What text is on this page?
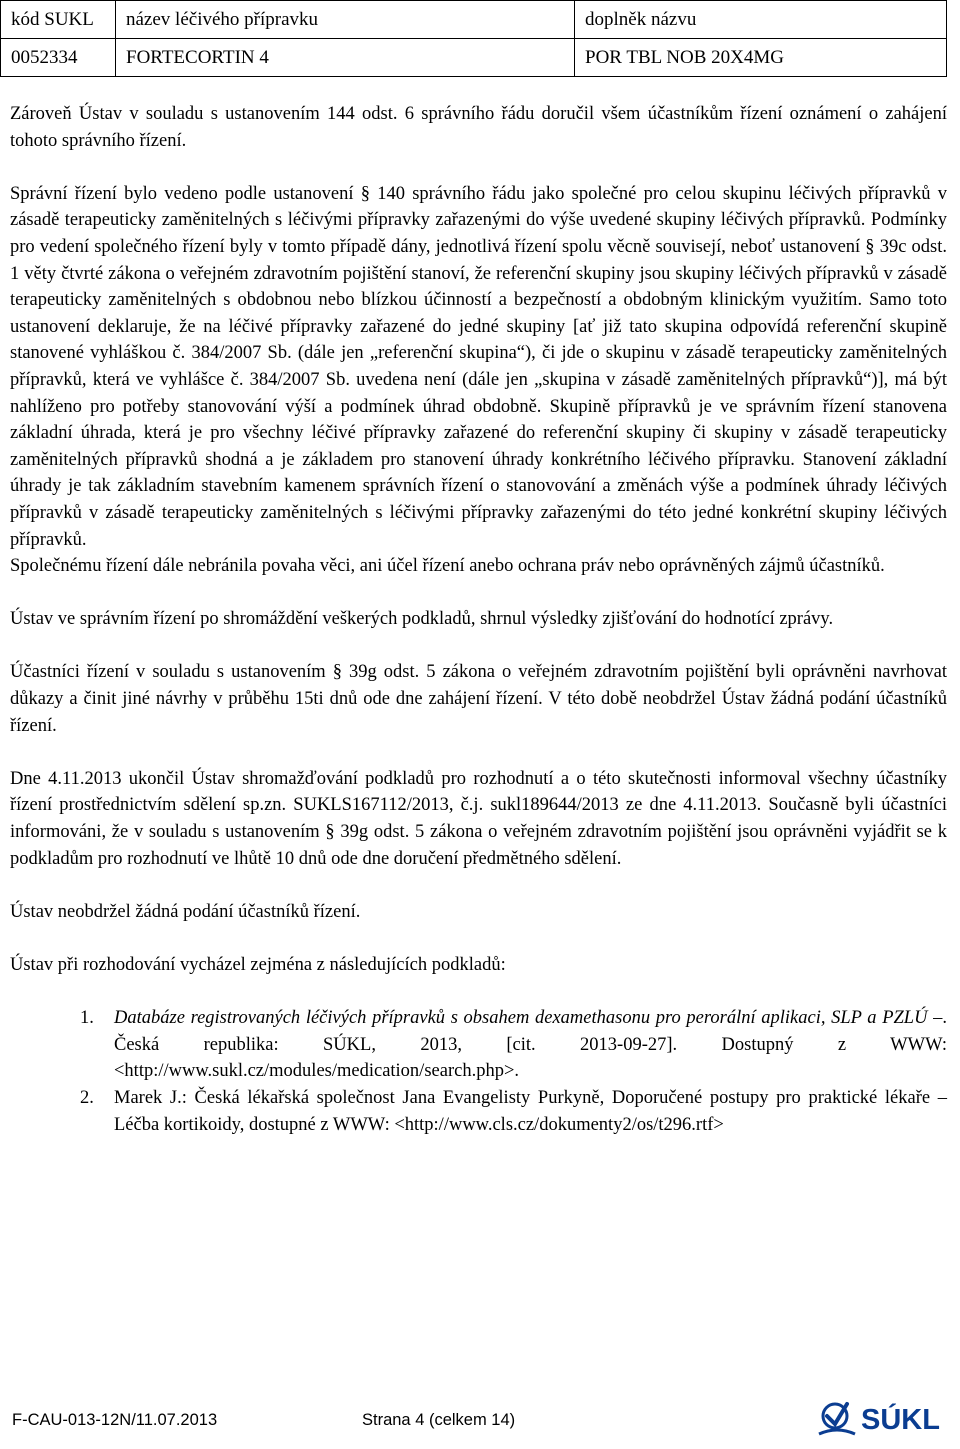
kód SUKL	název léčivého přípravku	doplněk názvu
0052334	FORTECORTIN 4	POR TBL NOB 20X4MG

Zároveň Ústav v souladu s ustanovením 144 odst. 6 správního řádu doručil všem účastníkům řízení oznámení o zahájení tohoto správního řízení.

Správní řízení bylo vedeno podle ustanovení § 140 správního řádu jako společné pro celou skupinu léčivých přípravků v zásadě terapeuticky zaměnitelných s léčivými přípravky zařazenými do výše uvedené skupiny léčivých přípravků. Podmínky pro vedení společného řízení byly v tomto případě dány, jednotlivá řízení spolu věcně souvisejí, neboť ustanovení § 39c odst. 1 věty čtvrté zákona o veřejném zdravotním pojištění stanoví, že referenční skupiny jsou skupiny léčivých přípravků v zásadě terapeuticky zaměnitelných s obdobnou nebo blízkou účinností a bezpečností a obdobným klinickým využitím. Samo toto ustanovení deklaruje, že na léčivé přípravky zařazené do jedné skupiny [ať již tato skupina odpovídá referenční skupině stanovené vyhláškou č. 384/2007 Sb. (dále jen „referenční skupina“), či jde o skupinu v zásadě terapeuticky zaměnitelných přípravků, která ve vyhlášce č. 384/2007 Sb. uvedena není (dále jen „skupina v zásadě zaměnitelných přípravků“)], má být nahlíženo pro potřeby stanovování výší a podmínek úhrad obdobně. Skupině přípravků je ve správním řízení stanovena základní úhrada, která je pro všechny léčivé přípravky zařazené do referenční skupiny či skupiny v zásadě terapeuticky zaměnitelných přípravků shodná a je základem pro stanovení úhrady konkrétního léčivého přípravku. Stanovení základní úhrady je tak základním stavebním kamenem správních řízení o stanovování a změnách výše a podmínek úhrady léčivých přípravků v zásadě terapeuticky zaměnitelných s léčivými přípravky zařazenými do této jedné konkrétní skupiny léčivých přípravků.

Společnému řízení dále nebránila povaha věci, ani účel řízení anebo ochrana práv nebo oprávněných zájmů účastníků.

Ústav ve správním řízení po shromáždění veškerých podkladů, shrnul výsledky zjišťování do hodnotící zprávy.

Účastníci řízení v souladu s ustanovením § 39g odst. 5 zákona o veřejném zdravotním pojištění byli oprávněni navrhovat důkazy a činit jiné návrhy v průběhu 15ti dnů ode dne zahájení řízení. V této době neobdržel Ústav žádná podání účastníků řízení.

Dne 4.11.2013 ukončil Ústav shromažďování podkladů pro rozhodnutí a o této skutečnosti informoval všechny účastníky řízení prostřednictvím sdělení sp.zn. SUKLS167112/2013, č.j. sukl189644/2013 ze dne 4.11.2013. Současně byli účastníci informováni, že v souladu s ustanovením § 39g odst. 5 zákona o veřejném zdravotním pojištění jsou oprávněni vyjádřit se k podkladům pro rozhodnutí ve lhůtě 10 dnů ode dne doručení předmětného sdělení.

Ústav neobdržel žádná podání účastníků řízení.

Ústav při rozhodování vycházel zejména z následujících podkladů:

1. Databáze registrovaných léčivých přípravků s obsahem dexamethasonu pro perorální aplikaci, SLP a PZLÚ –. Česká republika: SÚKL, 2013, [cit. 2013-09-27]. Dostupný z WWW: <http://www.sukl.cz/modules/medication/search.php>.
2. Marek J.: Česká lékařská společnost Jana Evangelisty Purkyně, Doporučené postupy pro praktické lékaře – Léčba kortikoidy, dostupné z WWW: <http://www.cls.cz/dokumenty2/os/t296.rtf>
F-CAU-013-12N/11.07.2013	Strana 4 (celkem 14)	SÚKL
